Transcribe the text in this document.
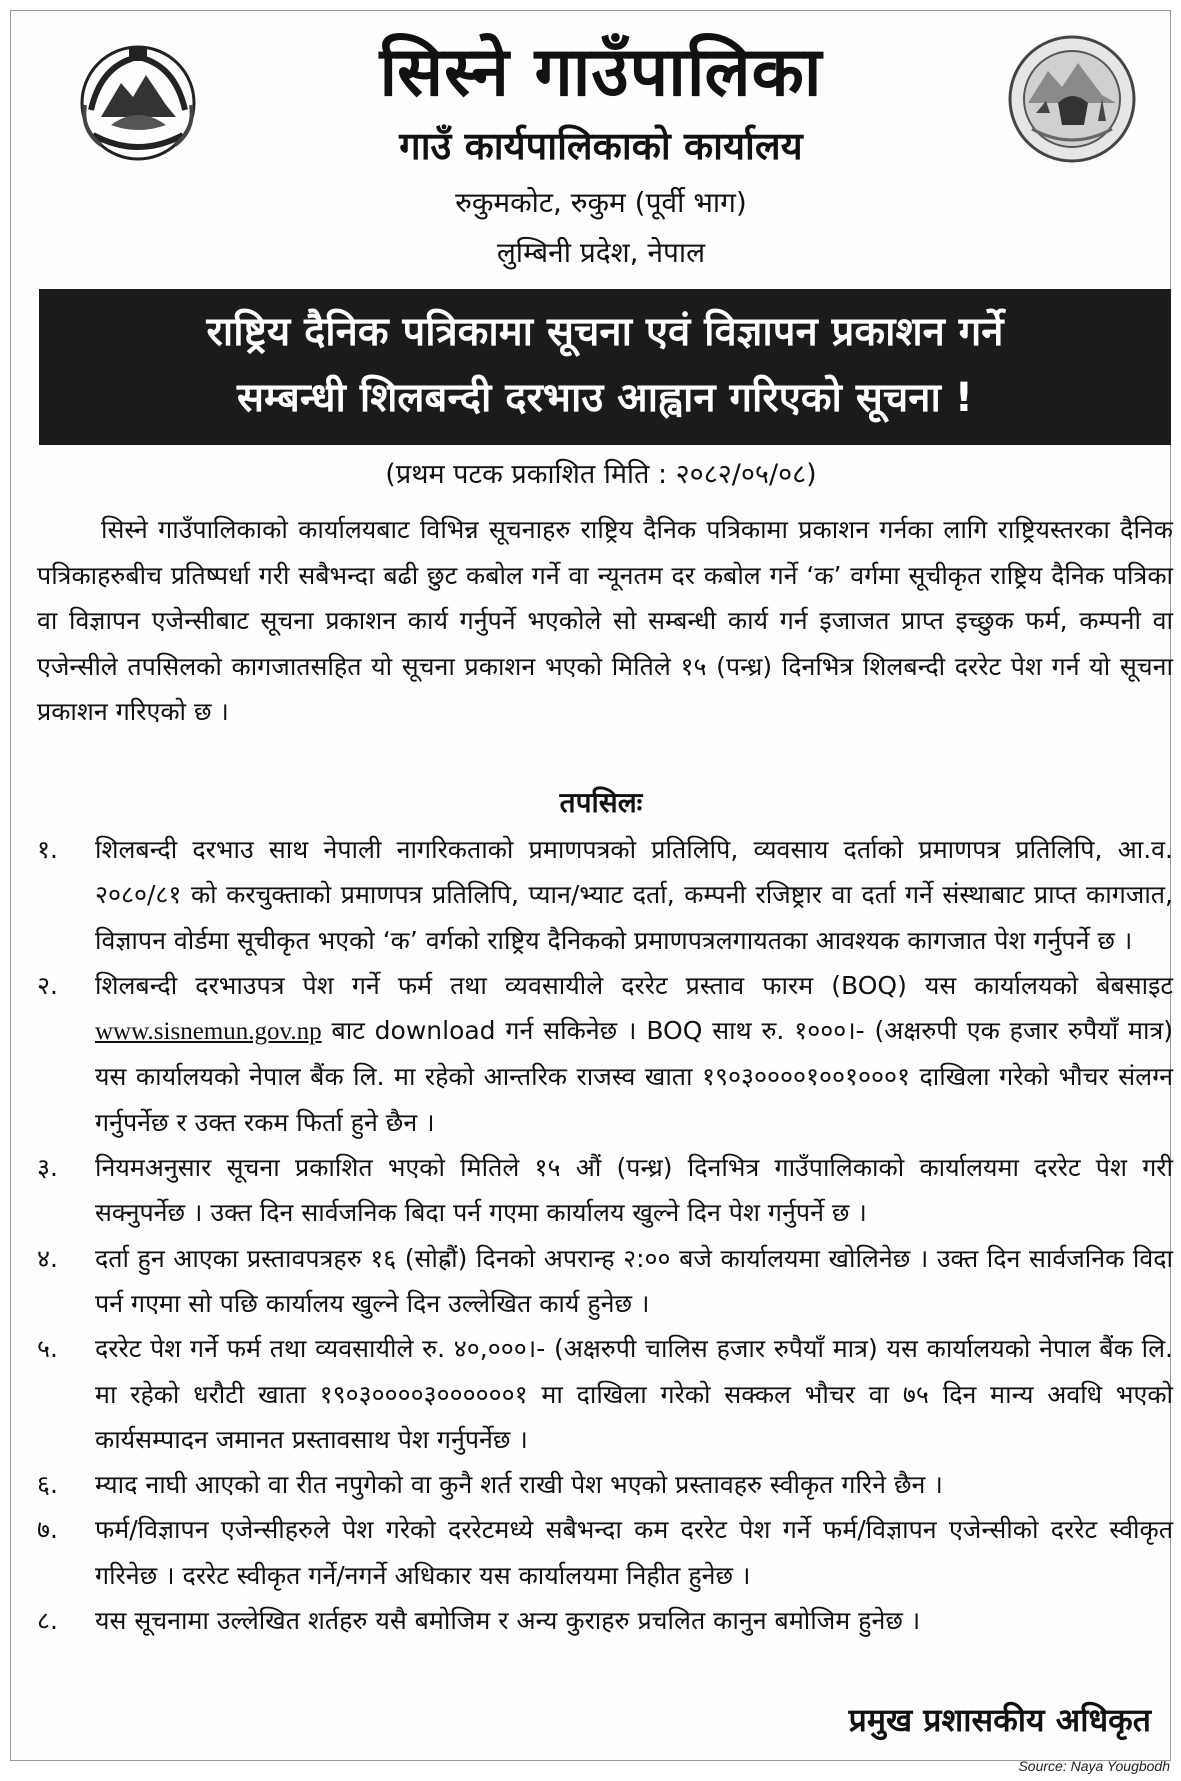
सिस्ने गाउँपालिका
गाउँ कार्यपालिकाको कार्यालय
रुकुमकोट, रुकुम (पूर्वी भाग)
लुम्बिनी प्रदेश, नेपाल
राष्ट्रिय दैनिक पत्रिकामा सूचना एवं विज्ञापन प्रकाशन गर्ने
सम्बन्धी शिलबन्दी दरभाउ आह्वान गरिएको सूचना !
(प्रथम पटक प्रकाशित मिति : २०८२/०५/०८)
सिस्ने गाउँपालिकाको कार्यालयबाट विभिन्न सूचनाहरु राष्ट्रिय दैनिक पत्रिकामा प्रकाशन गर्नका लागि राष्ट्रियस्तरका दैनिक पत्रिकाहरुबीच प्रतिष्पर्धा गरी सबैभन्दा बढी छुट कबोल गर्ने वा न्यूनतम दर कबोल गर्ने ‘क’ वर्गमा सूचीकृत राष्ट्रिय दैनिक पत्रिका वा विज्ञापन एजेन्सीबाट सूचना प्रकाशन कार्य गर्नुपर्ने भएकोले सो सम्बन्धी कार्य गर्न इजाजत प्राप्त इच्छुक फर्म, कम्पनी वा एजेन्सीले तपसिलको कागजातसहित यो सूचना प्रकाशन भएको मितिले १५ (पन्ध्र) दिनभित्र शिलबन्दी दररेट पेश गर्न यो सूचना प्रकाशन गरिएको छ ।
तपसिलः
१.	शिलबन्दी दरभाउ साथ नेपाली नागरिकताको प्रमाणपत्रको प्रतिलिपि, व्यवसाय दर्ताको प्रमाणपत्र प्रतिलिपि, आ.व. २०८०/८१ को करचुक्ताको प्रमाणपत्र प्रतिलिपि, प्यान/भ्याट दर्ता, कम्पनी रजिष्ट्रार वा दर्ता गर्ने संस्थाबाट प्राप्त कागजात, विज्ञापन वोर्डमा सूचीकृत भएको ‘क’ वर्गको राष्ट्रिय दैनिकको प्रमाणपत्रलगायतका आवश्यक कागजात पेश गर्नुपर्ने छ ।
२.	शिलबन्दी दरभाउपत्र पेश गर्ने फर्म तथा व्यवसायीले दररेट प्रस्ताव फारम (BOQ) यस कार्यालयको बेबसाइट www.sisnemun.gov.np बाट download गर्न सकिनेछ । BOQ साथ रु. १०००।- (अक्षरुपी एक हजार रुपैयाँ मात्र) यस कार्यालयको नेपाल बैंक लि. मा रहेको आन्तरिक राजस्व खाता १९०३००००१००१०००१ दाखिला गरेको भौचर संलग्न गर्नुपर्नेछ र उक्त रकम फिर्ता हुने छैन ।
३.	नियमअनुसार सूचना प्रकाशित भएको मितिले १५ औं (पन्ध्र) दिनभित्र गाउँपालिकाको कार्यालयमा दररेट पेश गरी सक्नुपर्नेछ । उक्त दिन सार्वजनिक बिदा पर्न गएमा कार्यालय खुल्ने दिन पेश गर्नुपर्ने छ ।
४.	दर्ता हुन आएका प्रस्तावपत्रहरु १६ (सोह्रौं) दिनको अपरान्ह २:०० बजे कार्यालयमा खोलिनेछ । उक्त दिन सार्वजनिक विदा पर्न गएमा सो पछि कार्यालय खुल्ने दिन उल्लेखित कार्य हुनेछ ।
५.	दररेट पेश गर्ने फर्म तथा व्यवसायीले रु. ४०,०००।- (अक्षरुपी चालिस हजार रुपैयाँ मात्र) यस कार्यालयको नेपाल बैंक लि. मा रहेको धरौटी खाता १९०३००००३००००००१ मा दाखिला गरेको सक्कल भौचर वा ७५ दिन मान्य अवधि भएको कार्यसम्पादन जमानत प्रस्तावसाथ पेश गर्नुपर्नेछ ।
६.	म्याद नाघी आएको वा रीत नपुगेको वा कुनै शर्त राखी पेश भएको प्रस्तावहरु स्वीकृत गरिने छैन ।
७.	फर्म/विज्ञापन एजेन्सीहरुले पेश गरेको दररेटमध्ये सबैभन्दा कम दररेट पेश गर्ने फर्म/विज्ञापन एजेन्सीको दररेट स्वीकृत गरिनेछ । दररेट स्वीकृत गर्ने/नगर्ने अधिकार यस कार्यालयमा निहीत हुनेछ ।
८.	यस सूचनामा उल्लेखित शर्तहरु यसै बमोजिम र अन्य कुराहरु प्रचलित कानुन बमोजिम हुनेछ ।
प्रमुख प्रशासकीय अधिकृत
Source: Naya Yougbodh
